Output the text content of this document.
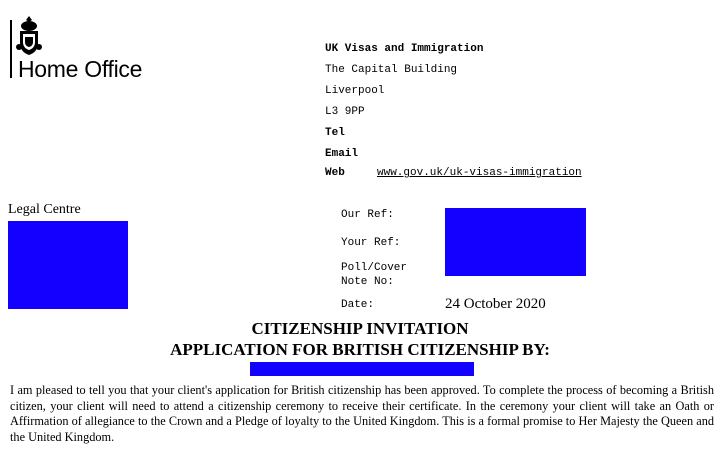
Home Office
UK Visas and Immigration
The Capital Building
Liverpool
L3 9PP
Tel
Email
Web	www.gov.uk/uk-visas-immigration
Legal Centre	Our Ref:
Your Ref:
Poll/Cover
Note No:
Date:	24 October 2020
CITIZENSHIP INVITATION
APPLICATION FOR BRITISH CITIZENSHIP BY:
I am pleased to tell you that your client's application for British citizenship has been approved. To complete the process of becoming a British citizen, your client will need to attend a citizenship ceremony to receive their certificate. In the ceremony your client will take an Oath or Affirmation of allegiance to the Crown and a Pledge of loyalty to the United Kingdom. This is a formal promise to Her Majesty the Queen and the United Kingdom.
